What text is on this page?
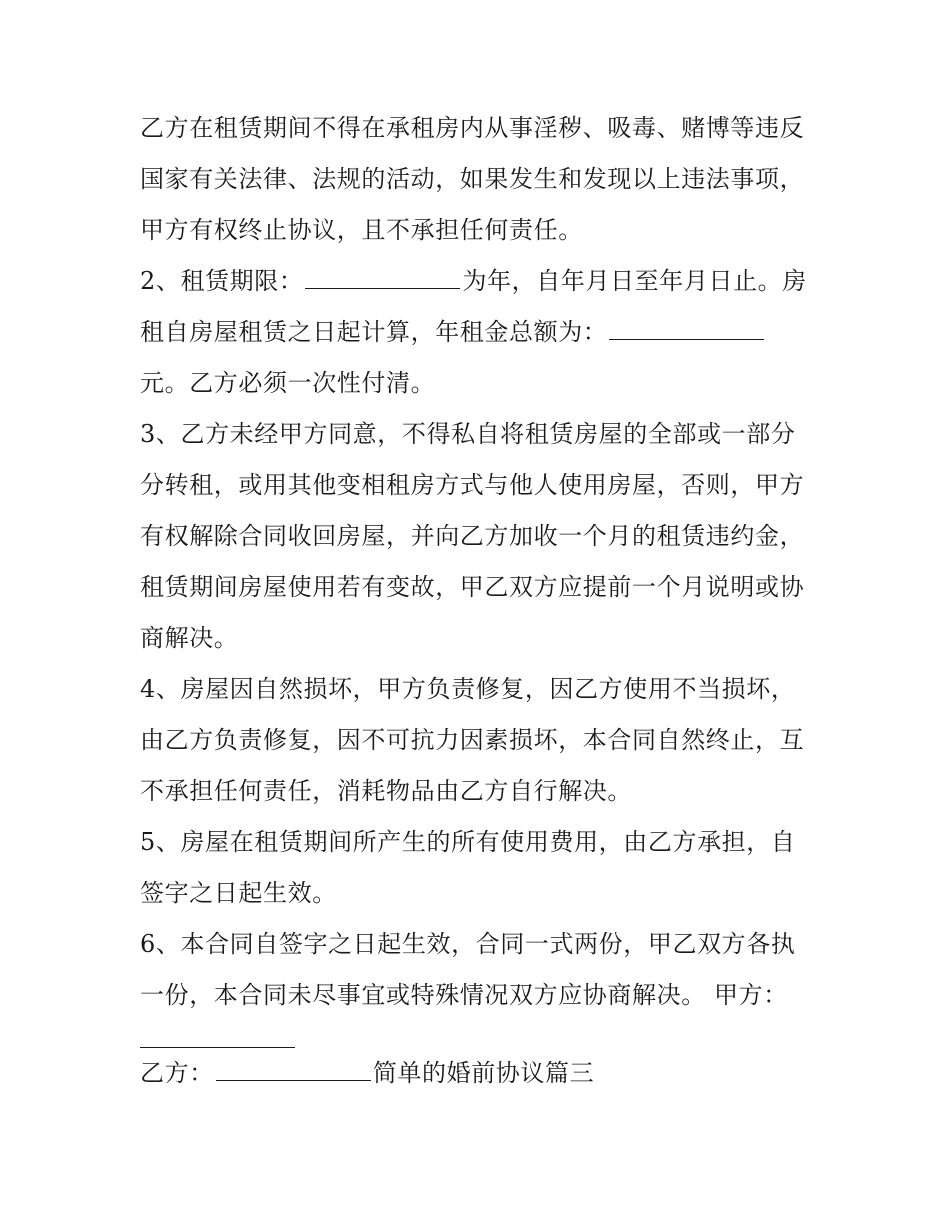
乙方在租赁期间不得在承租房内从事淫秽、吸毒、赌博等违反国家有关法律、法规的活动，如果发生和发现以上违法事项，甲方有权终止协议，且不承担任何责任。

2、租赁期限：	为年，自年月日至年月日止。房租自房屋租赁之日起计算，年租金总额为：
元。乙方必须一次性付清。

3、乙方未经甲方同意，不得私自将租赁房屋的全部或一部分分转租，或用其他变相租房方式与他人使用房屋，否则，甲方有权解除合同收回房屋，并向乙方加收一个月的租赁违约金，租赁期间房屋使用若有变故，甲乙双方应提前一个月说明或协商解决。

4、房屋因自然损坏，甲方负责修复，因乙方使用不当损坏，由乙方负责修复，因不可抗力因素损坏，本合同自然终止，互不承担任何责任，消耗物品由乙方自行解决。

5、房屋在租赁期间所产生的所有使用费用，由乙方承担，自签字之日起生效。

6、本合同自签字之日起生效，合同一式两份，甲乙双方各执一份，本合同未尽事宜或特殊情况双方应协商解决。 甲方：

乙方：	简单的婚前协议篇三
